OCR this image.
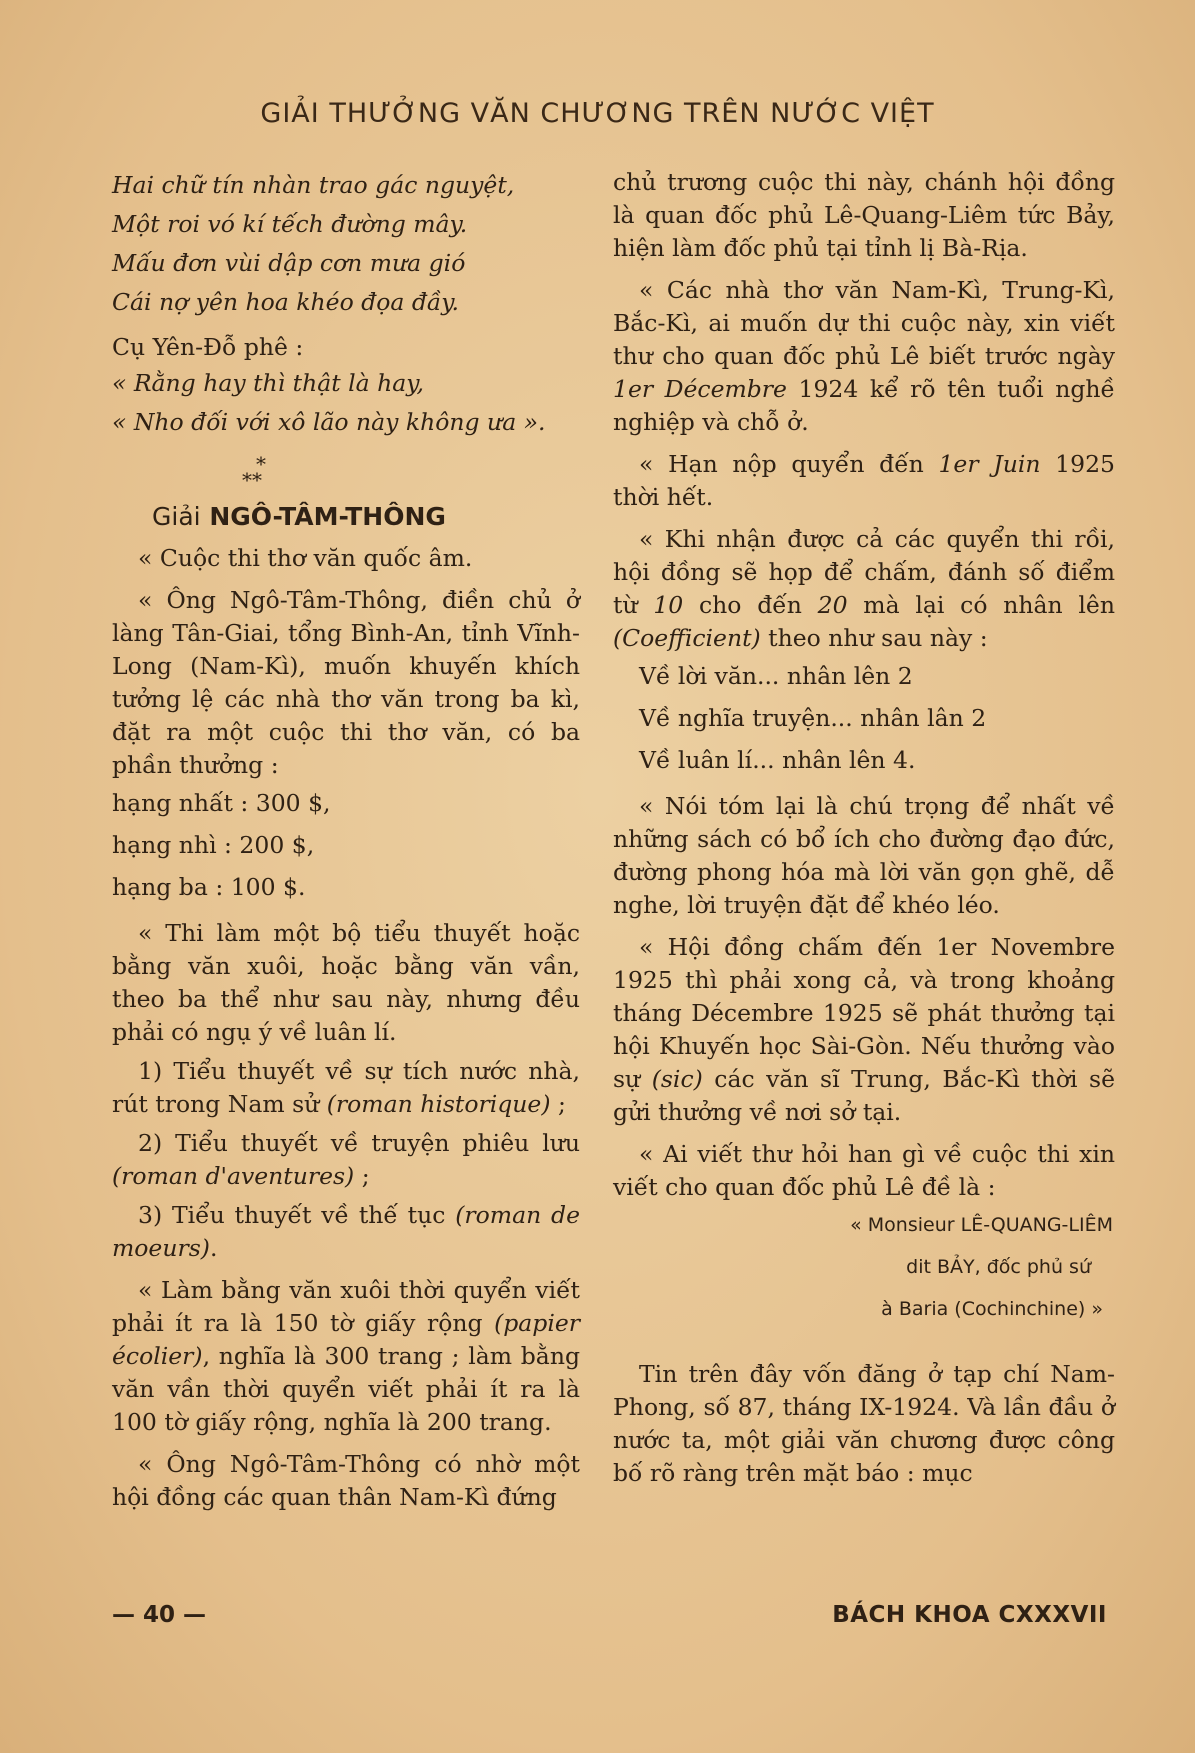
GIẢI THƯỞNG VĂN CHƯƠNG TRÊN NƯỚC VIỆT

Hai chữ tín nhàn trao gác nguyệt,

Một roi vó kí tếch đường mây.

Mấu đơn vùi dập cơn mưa gió

Cái nợ yên hoa khéo đọa đầy.

Cụ Yên-Đỗ phê :

« Rằng hay thì thật là hay,

« Nho đối với xô lão này không ưa ».

*
**
Giải NGÔ-TÂM-THÔNG

« Cuộc thi thơ văn quốc âm.

« Ông Ngô-Tâm-Thông, điền chủ ở làng Tân-Giai, tổng Bình-An, tỉnh Vĩnh-Long (Nam-Kì), muốn khuyến khích tưởng lệ các nhà thơ văn trong ba kì, đặt ra một cuộc thi thơ văn, có ba phần thưởng :

hạng nhất : 300 $,

hạng nhì : 200 $,

hạng ba : 100 $.

« Thi làm một bộ tiểu thuyết hoặc bằng văn xuôi, hoặc bằng văn vần, theo ba thể như sau này, nhưng đều phải có ngụ ý về luân lí.

1) Tiểu thuyết về sự tích nước nhà, rút trong Nam sử (roman historique) ;

2) Tiểu thuyết về truyện phiêu lưu (roman d'aventures) ;

3) Tiểu thuyết về thế tục (roman de moeurs).

« Làm bằng văn xuôi thời quyển viết phải ít ra là 150 tờ giấy rộng (papier écolier), nghĩa là 300 trang ; làm bằng văn vần thời quyển viết phải ít ra là 100 tờ giấy rộng, nghĩa là 200 trang.

« Ông Ngô-Tâm-Thông có nhờ một hội đồng các quan thân Nam-Kì đứng

chủ trương cuộc thi này, chánh hội đồng là quan đốc phủ Lê-Quang-Liêm tức Bảy, hiện làm đốc phủ tại tỉnh lị Bà-Rịa.

« Các nhà thơ văn Nam-Kì, Trung-Kì, Bắc-Kì, ai muốn dự thi cuộc này, xin viết thư cho quan đốc phủ Lê biết trước ngày 1er Décembre 1924 kể rõ tên tuổi nghề nghiệp và chỗ ở.

« Hạn nộp quyển đến 1er Juin 1925 thời hết.

« Khi nhận được cả các quyển thi rồi, hội đồng sẽ họp để chấm, đánh số điểm từ 10 cho đến 20 mà lại có nhân lên (Coefficient) theo như sau này :

Về lời văn... nhân lên 2

Về nghĩa truyện... nhân lân 2

Về luân lí... nhân lên 4.

« Nói tóm lại là chú trọng để nhất về những sách có bổ ích cho đường đạo đức, đường phong hóa mà lời văn gọn ghẽ, dễ nghe, lời truyện đặt để khéo léo.

« Hội đồng chấm đến 1er Novembre 1925 thì phải xong cả, và trong khoảng tháng Décembre 1925 sẽ phát thưởng tại hội Khuyến học Sài-Gòn. Nếu thưởng vào sự (sic) các văn sĩ Trung, Bắc-Kì thời sẽ gửi thưởng về nơi sở tại.

« Ai viết thư hỏi han gì về cuộc thi xin viết cho quan đốc phủ Lê đề là :

« Monsieur LÊ-QUANG-LIÊM

dit BẢY, đốc phủ sứ

à Baria (Cochinchine) »

Tin trên đây vốn đăng ở tạp chí Nam-Phong, số 87, tháng IX-1924. Và lần đầu ở nước ta, một giải văn chương được công bố rõ ràng trên mặt báo : mục

— 40 —	BÁCH KHOA CXXXVII
